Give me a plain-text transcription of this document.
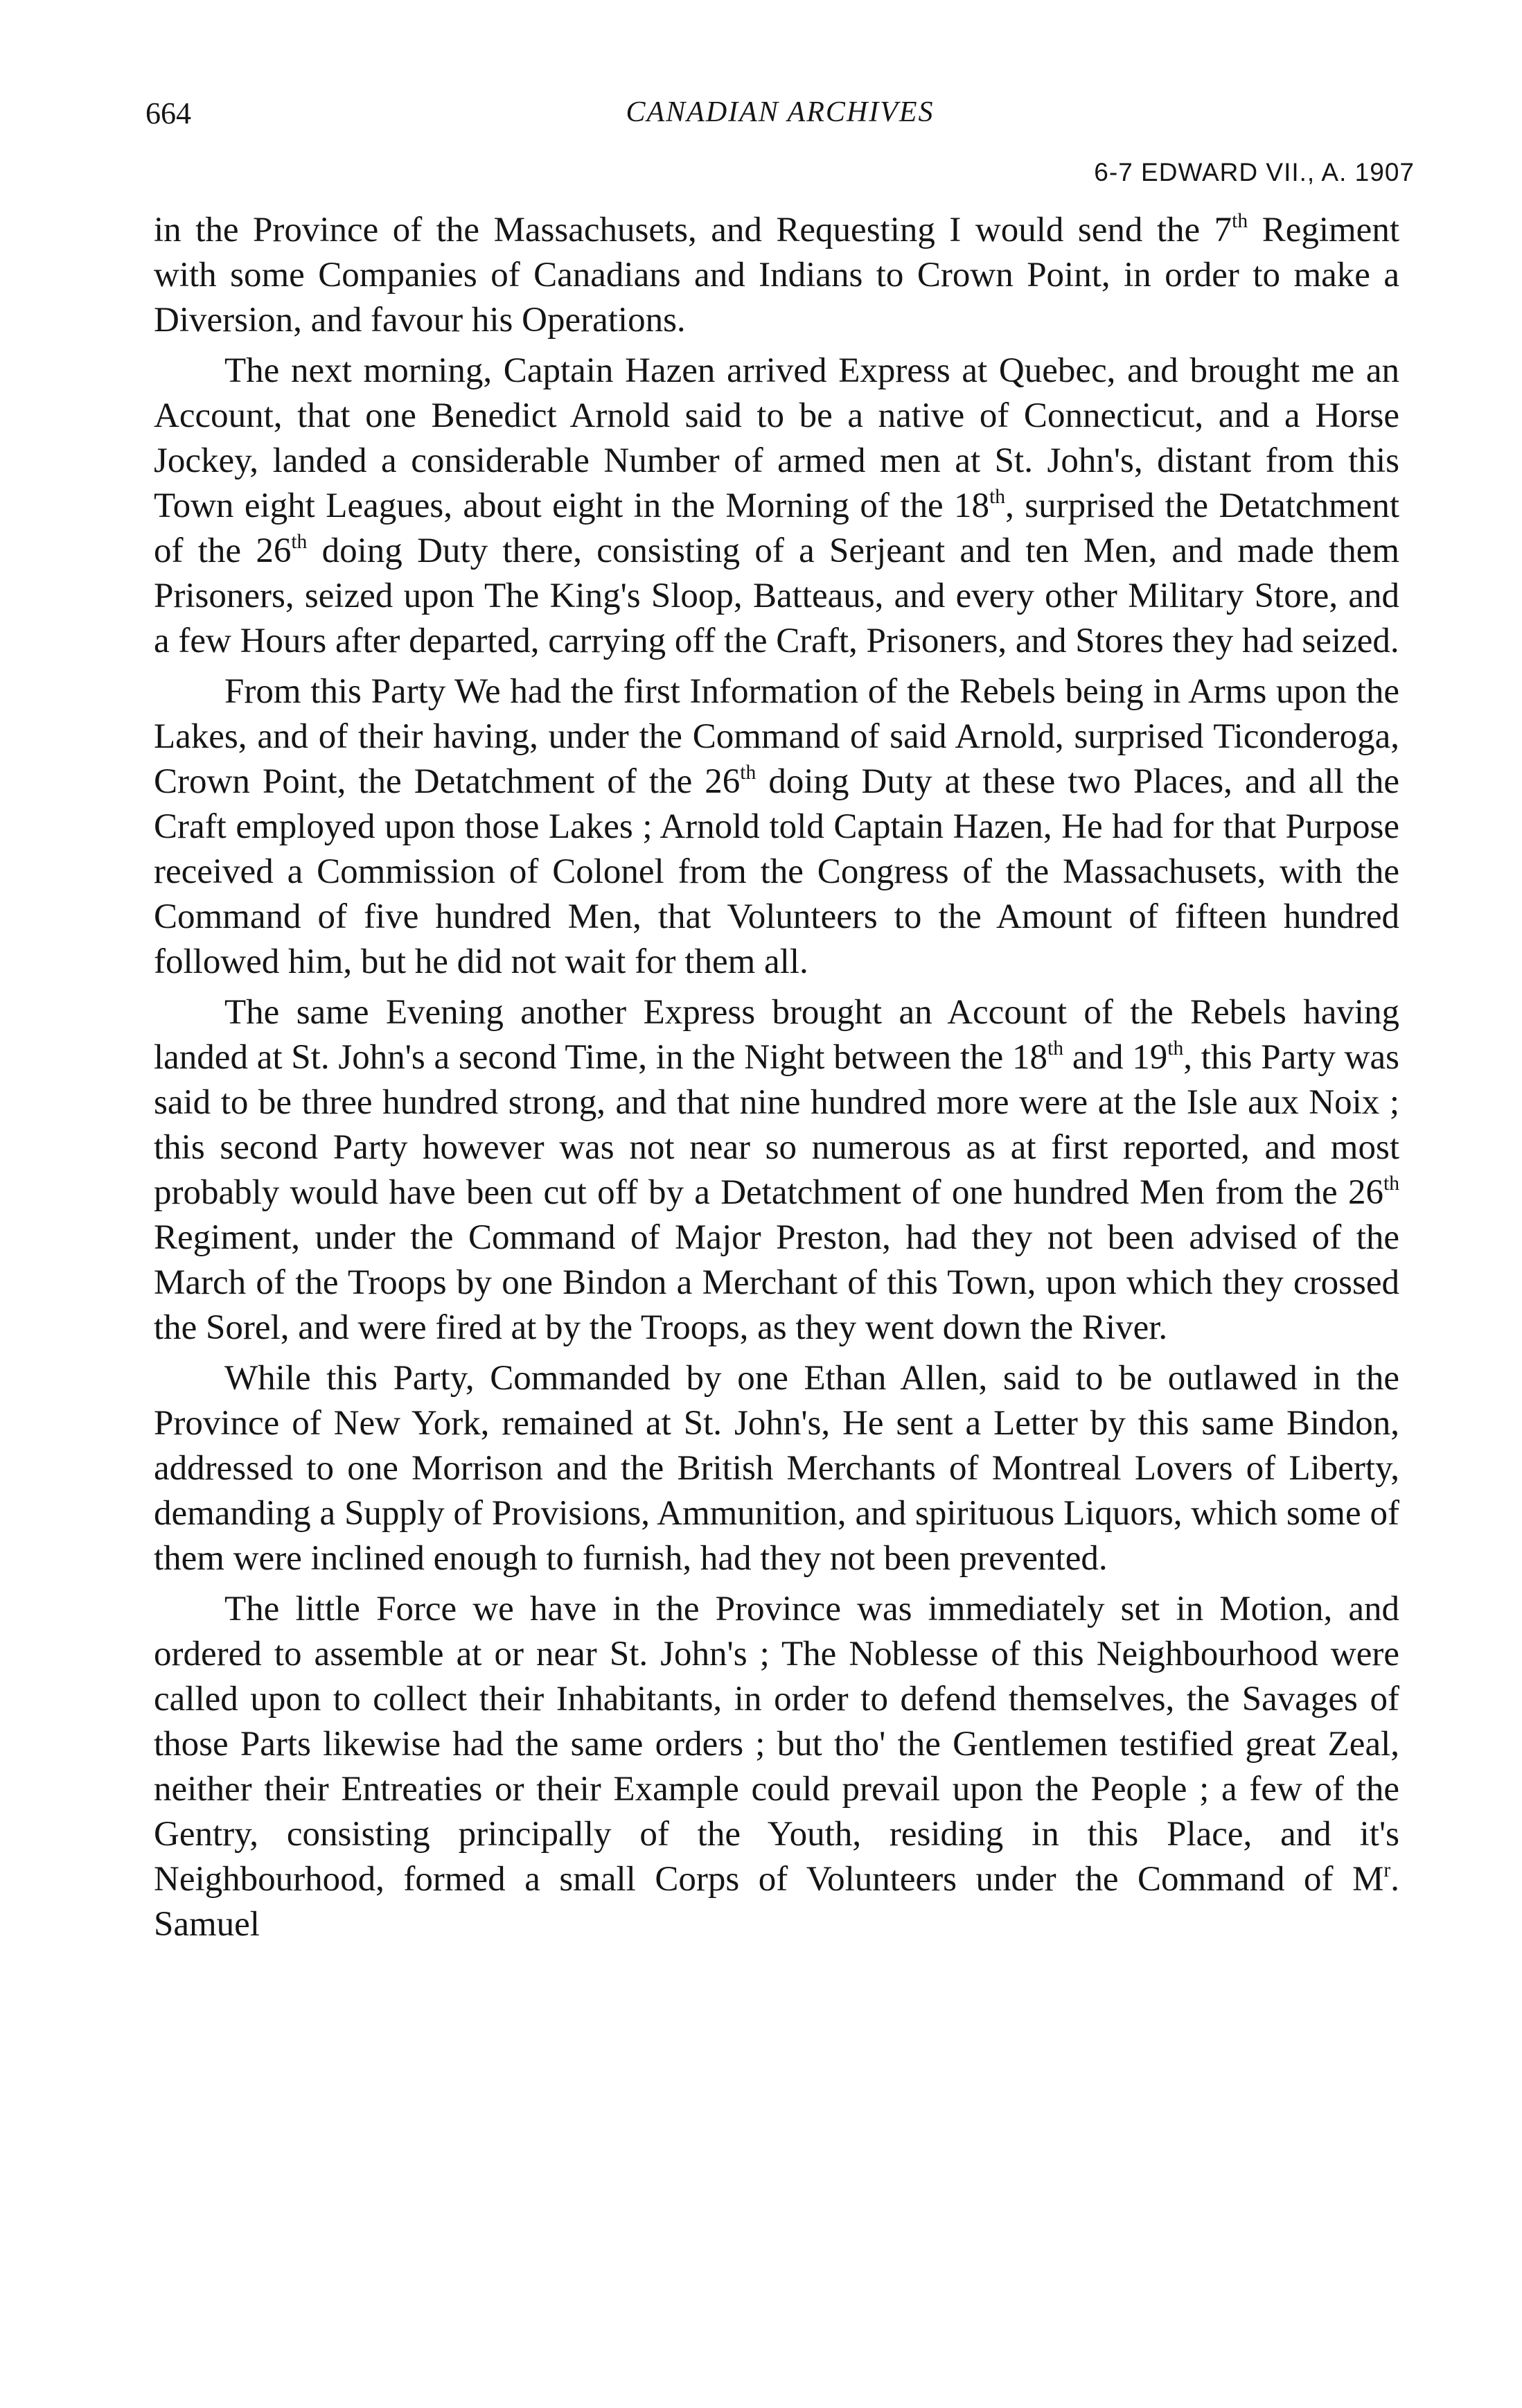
664	CANADIAN ARCHIVES
6-7 EDWARD VII., A. 1907

in the Province of the Massachusets, and Requesting I would send the 7th Regiment with some Companies of Canadians and Indians to Crown Point, in order to make a Diversion, and favour his Operations.

The next morning, Captain Hazen arrived Express at Quebec, and brought me an Account, that one Benedict Arnold said to be a native of Connecticut, and a Horse Jockey, landed a considerable Number of armed men at St. John's, distant from this Town eight Leagues, about eight in the Morning of the 18th, surprised the Detatchment of the 26th doing Duty there, consisting of a Serjeant and ten Men, and made them Prisoners, seized upon The King's Sloop, Batteaus, and every other Military Store, and a few Hours after departed, carrying off the Craft, Prisoners, and Stores they had seized.

From this Party We had the first Information of the Rebels being in Arms upon the Lakes, and of their having, under the Command of said Arnold, surprised Ticonderoga, Crown Point, the Detatchment of the 26th doing Duty at these two Places, and all the Craft employed upon those Lakes ; Arnold told Captain Hazen, He had for that Purpose received a Commission of Colonel from the Congress of the Massachusets, with the Command of five hundred Men, that Volunteers to the Amount of fifteen hundred followed him, but he did not wait for them all.

The same Evening another Express brought an Account of the Rebels having landed at St. John's a second Time, in the Night between the 18th and 19th, this Party was said to be three hundred strong, and that nine hundred more were at the Isle aux Noix ; this second Party however was not near so numerous as at first reported, and most probably would have been cut off by a Detatchment of one hundred Men from the 26th Regiment, under the Command of Major Preston, had they not been advised of the March of the Troops by one Bindon a Merchant of this Town, upon which they crossed the Sorel, and were fired at by the Troops, as they went down the River.

While this Party, Commanded by one Ethan Allen, said to be outlawed in the Province of New York, remained at St. John's, He sent a Letter by this same Bindon, addressed to one Morrison and the British Merchants of Montreal Lovers of Liberty, demanding a Supply of Provisions, Ammunition, and spirituous Liquors, which some of them were inclined enough to furnish, had they not been prevented.

The little Force we have in the Province was immediately set in Motion, and ordered to assemble at or near St. John's ; The Noblesse of this Neighbourhood were called upon to collect their Inhabitants, in order to defend themselves, the Savages of those Parts likewise had the same orders ; but tho' the Gentlemen testified great Zeal, neither their Entreaties or their Example could prevail upon the People ; a few of the Gentry, consisting principally of the Youth, residing in this Place, and it's Neighbourhood, formed a small Corps of Volunteers under the Command of $M^r$. Samuel
